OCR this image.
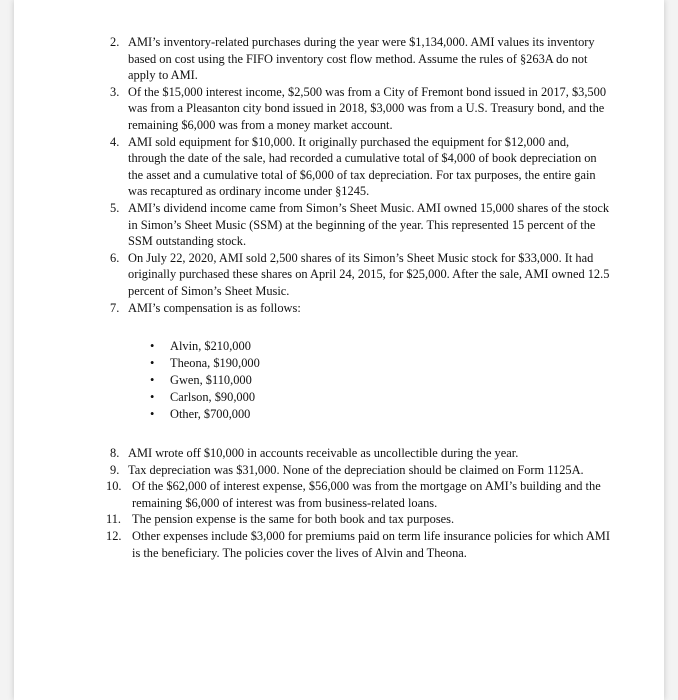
2. AMI’s inventory-related purchases during the year were $1,134,000. AMI values its inventory based on cost using the FIFO inventory cost flow method. Assume the rules of §263A do not apply to AMI.

3. Of the $15,000 interest income, $2,500 was from a City of Fremont bond issued in 2017, $3,500 was from a Pleasanton city bond issued in 2018, $3,000 was from a U.S. Treasury bond, and the remaining $6,000 was from a money market account.

4. AMI sold equipment for $10,000. It originally purchased the equipment for $12,000 and, through the date of the sale, had recorded a cumulative total of $4,000 of book depreciation on the asset and a cumulative total of $6,000 of tax depreciation. For tax purposes, the entire gain was recaptured as ordinary income under §1245.

5. AMI’s dividend income came from Simon’s Sheet Music. AMI owned 15,000 shares of the stock in Simon’s Sheet Music (SSM) at the beginning of the year. This represented 15 percent of the SSM outstanding stock.

6. On July 22, 2020, AMI sold 2,500 shares of its Simon’s Sheet Music stock for $33,000. It had originally purchased these shares on April 24, 2015, for $25,000. After the sale, AMI owned 12.5 percent of Simon’s Sheet Music.

7. AMI’s compensation is as follows:

• Alvin, $210,000
• Theona, $190,000
• Gwen, $110,000
• Carlson, $90,000
• Other, $700,000

8. AMI wrote off $10,000 in accounts receivable as uncollectible during the year.

9. Tax depreciation was $31,000. None of the depreciation should be claimed on Form 1125A.

10. Of the $62,000 of interest expense, $56,000 was from the mortgage on AMI’s building and the remaining $6,000 of interest was from business-related loans.

11. The pension expense is the same for both book and tax purposes.

12. Other expenses include $3,000 for premiums paid on term life insurance policies for which AMI is the beneficiary. The policies cover the lives of Alvin and Theona.
